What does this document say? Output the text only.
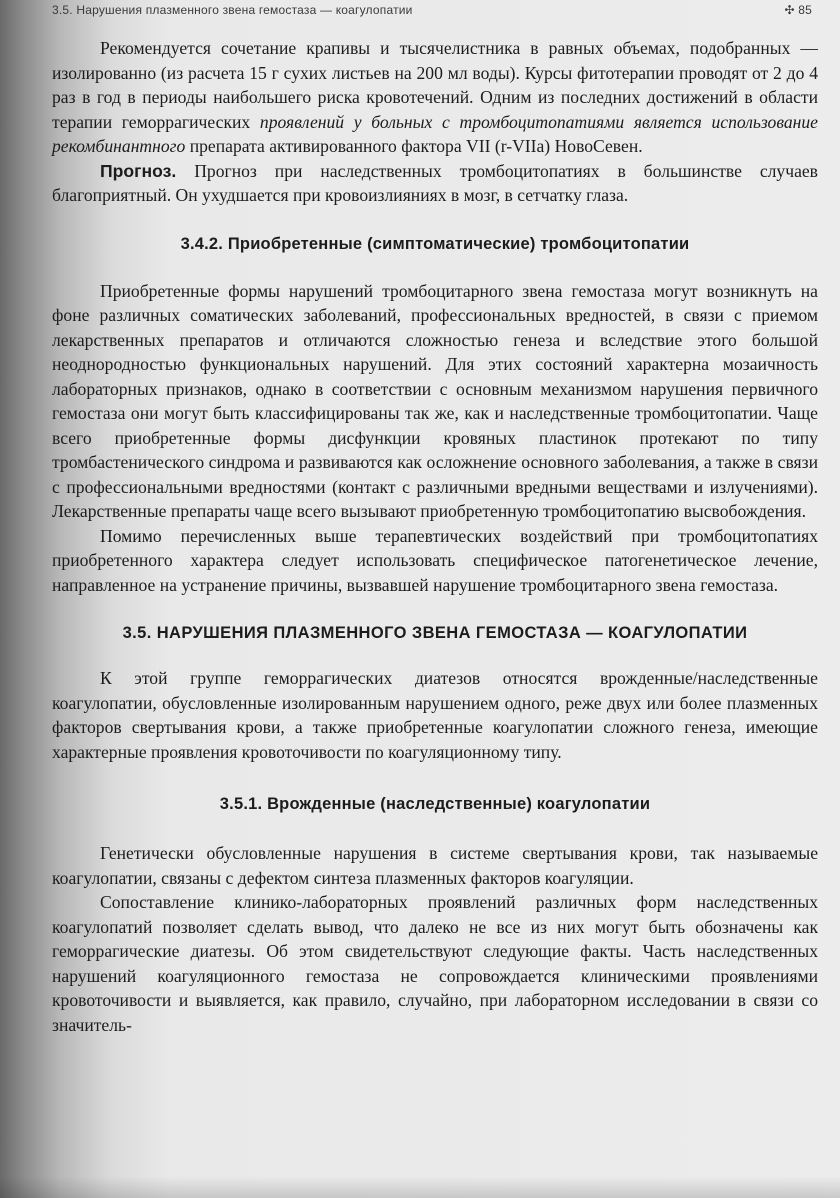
3.5. Нарушения плазменного звена гемостаза — коагулопатии	✣ 85

Рекомендуется сочетание крапивы и тысячелистника в равных объемах, подобранных — изолированно (из расчета 15 г сухих листьев на 200 мл воды). Курсы фитотерапии проводят от 2 до 4 раз в год в периоды наибольшего риска кровотечений. Одним из последних достижений в области терапии геморрагических проявлений у больных с тромбоцитопатиями является использование рекомбинантного препарата активированного фактора VII (r-VIIa) НовоСевен.

Прогноз. Прогноз при наследственных тромбоцитопатиях в большинстве случаев благоприятный. Он ухудшается при кровоизлияниях в мозг, в сетчатку глаза.

3.4.2. Приобретенные (симптоматические) тромбоцитопатии

Приобретенные формы нарушений тромбоцитарного звена гемостаза могут возникнуть на фоне различных соматических заболеваний, профессиональных вредностей, в связи с приемом лекарственных препаратов и отличаются сложностью генеза и вследствие этого большой неоднородностью функциональных нарушений. Для этих состояний характерна мозаичность лабораторных признаков, однако в соответствии с основным механизмом нарушения первичного гемостаза они могут быть классифицированы так же, как и наследственные тромбоцитопатии. Чаще всего приобретенные формы дисфункции кровяных пластинок протекают по типу тромбастенического синдрома и развиваются как осложнение основного заболевания, а также в связи с профессиональными вредностями (контакт с различными вредными веществами и излучениями). Лекарственные препараты чаще всего вызывают приобретенную тромбоцитопатию высвобождения.

Помимо перечисленных выше терапевтических воздействий при тромбоцитопатиях приобретенного характера следует использовать специфическое патогенетическое лечение, направленное на устранение причины, вызвавшей нарушение тромбоцитарного звена гемостаза.

3.5. НАРУШЕНИЯ ПЛАЗМЕННОГО ЗВЕНА ГЕМОСТАЗА — КОАГУЛОПАТИИ

К этой группе геморрагических диатезов относятся врожденные/наследственные коагулопатии, обусловленные изолированным нарушением одного, реже двух или более плазменных факторов свертывания крови, а также приобретенные коагулопатии сложного генеза, имеющие характерные проявления кровоточивости по коагуляционному типу.

3.5.1. Врожденные (наследственные) коагулопатии

Генетически обусловленные нарушения в системе свертывания крови, так называемые коагулопатии, связаны с дефектом синтеза плазменных факторов коагуляции.

Сопоставление клинико-лабораторных проявлений различных форм наследственных коагулопатий позволяет сделать вывод, что далеко не все из них могут быть обозначены как геморрагические диатезы. Об этом свидетельствуют следующие факты. Часть наследственных нарушений коагуляционного гемостаза не сопровождается клиническими проявлениями кровоточивости и выявляется, как правило, случайно, при лабораторном исследовании в связи со значитель-
